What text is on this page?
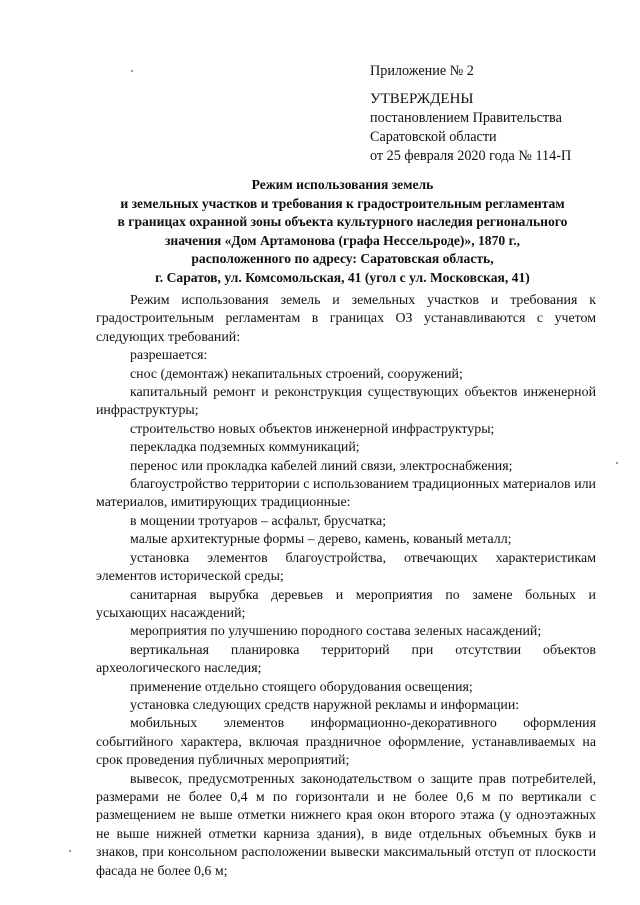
Приложение № 2
УТВЕРЖДЕНЫ
постановлением Правительства
Саратовской области
от 25 февраля 2020 года № 114-П
Режим использования земель
и земельных участков и требования к градостроительным регламентам
в границах охранной зоны объекта культурного наследия регионального
значения «Дом Артамонова (графа Нессельроде)», 1870 г.,
расположенного по адресу: Саратовская область,
г. Саратов, ул. Комсомольская, 41 (угол с ул. Московская, 41)

Режим использования земель и земельных участков и требования к градостроительным регламентам в границах ОЗ устанавливаются с учетом следующих требований:

разрешается:

снос (демонтаж) некапитальных строений, сооружений;

капитальный ремонт и реконструкция существующих объектов инженерной инфраструктуры;

строительство новых объектов инженерной инфраструктуры;

перекладка подземных коммуникаций;

перенос или прокладка кабелей линий связи, электроснабжения;

благоустройство территории с использованием традиционных материалов или материалов, имитирующих традиционные:

в мощении тротуаров – асфальт, брусчатка;

малые архитектурные формы – дерево, камень, кованый металл;

установка элементов благоустройства, отвечающих характеристикам элементов исторической среды;

санитарная вырубка деревьев и мероприятия по замене больных и усыхающих насаждений;

мероприятия по улучшению породного состава зеленых насаждений;

вертикальная планировка территорий при отсутствии объектов археологического наследия;

применение отдельно стоящего оборудования освещения;

установка следующих средств наружной рекламы и информации:

мобильных элементов информационно-декоративного оформления событийного характера, включая праздничное оформление, устанавливаемых на срок проведения публичных мероприятий;

вывесок, предусмотренных законодательством о защите прав потребителей, размерами не более 0,4 м по горизонтали и не более 0,6 м по вертикали с размещением не выше отметки нижнего края окон второго этажа (у одноэтажных не выше нижней отметки карниза здания), в виде отдельных объемных букв и знаков, при консольном расположении вывески максимальный отступ от плоскости фасада не более 0,6 м;
